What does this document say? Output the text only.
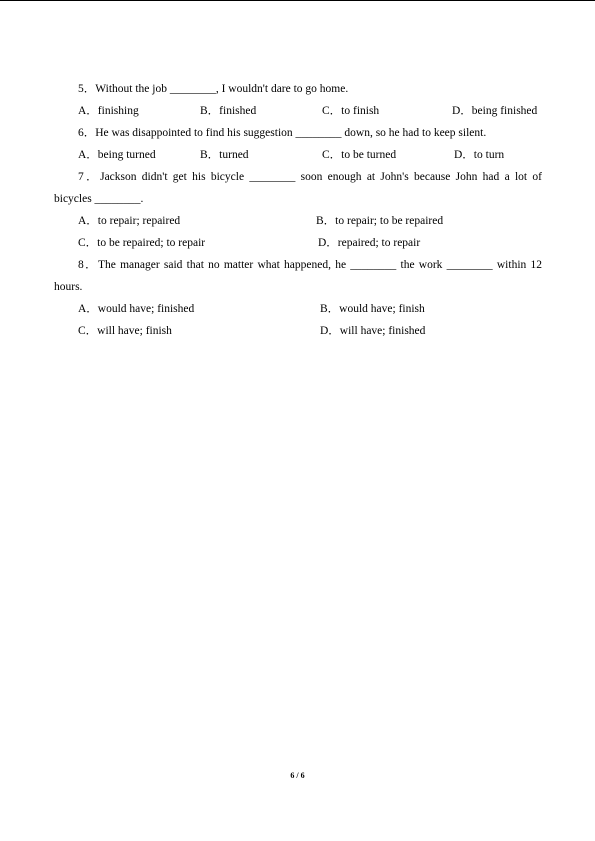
5．Without the job ________, I wouldn't dare to go home.
A．finishing	B．finished	C．to finish	D．being finished
6．He was disappointed to find his suggestion ________ down, so he had to keep silent.
A．being turned	B．turned	C．to be turned	D．to turn
7．Jackson didn't get his bicycle ________ soon enough at John's because John had a lot of
bicycles ________.
A．to repair; repaired	B．to repair; to be repaired
C．to be repaired; to repair	D．repaired; to repair
8．The manager said that no matter what happened, he ________ the work ________ within 12
hours.
A．would have; finished	B．would have; finish
C．will have; finish	D．will have; finished
6 / 6
